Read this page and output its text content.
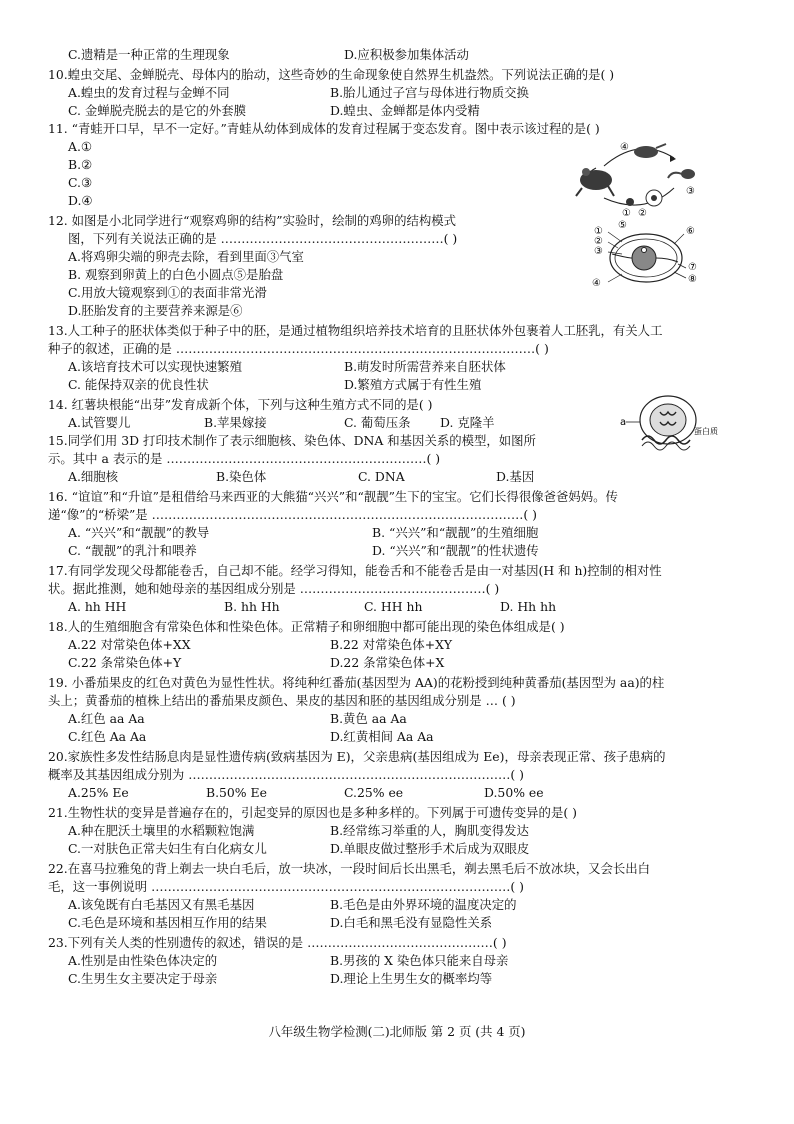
C.遗精是一种正常的生理现象	D.应积极参加集体活动
10.蝗虫交尾、金蝉脱壳、母体内的胎动，这些奇妙的生命现象使自然界生机盎然。下列说法正确的是( )
A.蝗虫的发育过程与金蝉不同	B.胎儿通过子宫与母体进行物质交换
C. 金蝉脱壳脱去的是它的外套膜	D.蝗虫、金蝉都是体内受精
11. “青蛙开口早，早不一定好。”青蛙从幼体到成体的发育过程属于变态发育。图中表示该过程的是( )
A.①
B.②
C.③
D.④
12. 如图是小北同学进行“观察鸡卵的结构”实验时，绘制的鸡卵的结构模式
图，下列有关说法正确的是 ………………………………………………( )
A.将鸡卵尖端的卵壳去除，看到里面③气室
B. 观察到卵黄上的白色小圆点⑤是胎盘
C.用放大镜观察到①的表面非常光滑
D.胚胎发育的主要营养来源是⑥
13.人工种子的胚状体类似于种子中的胚，是通过植物组织培养技术培育的且胚状体外包裹着人工胚乳，有关人工
种子的叙述，正确的是 ……………………………………………………………………………( )
A.该培育技术可以实现快速繁殖	B.萌发时所需营养来自胚状体
C. 能保持双亲的优良性状	D.繁殖方式属于有性生殖
14. 红薯块根能“出芽”发育成新个体，下列与这种生殖方式不同的是( )
A.试管婴儿	B.苹果嫁接	C. 葡萄压条 D. 克隆羊
15.同学们用 3D 打印技术制作了表示细胞核、染色体、DNA 和基因关系的模型，如图所
示。其中 a 表示的是 ………………………………………………………( )
A.细胞核	B.染色体	C. DNA	D.基因
16. “谊谊”和“升谊”是租借给马来西亚的大熊猫“兴兴”和“靓靓”生下的宝宝。它们长得很像爸爸妈妈。传
递“像”的“桥梁”是 ………………………………………………………………………………( )
A. “兴兴”和“靓靓”的教导	B. “兴兴”和“靓靓”的生殖细胞
C. “靓靓”的乳汁和喂养	D. “兴兴”和“靓靓”的性状遗传
17.有同学发现父母都能卷舌，自己却不能。经学习得知，能卷舌和不能卷舌是由一对基因(H 和 h)控制的相对性
状。据此推测，她和她母亲的基因组成分别是 ………………………………………( )
A. hh HH	B. hh Hh	C. HH hh	D. Hh hh
18.人的生殖细胞含有常染色体和性染色体。正常精子和卵细胞中都可能出现的染色体组成是( )
A.22 对常染色体+XX	B.22 对常染色体+XY
C.22 条常染色体+Y	D.22 条常染色体+X
19. 小番茄果皮的红色对黄色为显性性状。将纯种红番茄(基因型为 AA)的花粉授到纯种黄番茄(基因型为 aa)的柱
头上；黄番茄的植株上结出的番茄果皮颜色、果皮的基因和胚的基因组成分别是 … ( )
A.红色 aa Aa	B.黄色 aa Aa
C.红色 Aa Aa	D.红黄相间 Aa Aa
20.家族性多发性结肠息肉是显性遗传病(致病基因为 E)，父亲患病(基因组成为 Ee)，母亲表现正常、孩子患病的
概率及其基因组成分别为 ……………………………………………………………………( )
A.25% Ee	B.50% Ee	C.25% ee	D.50% ee
21.生物性状的变异是普遍存在的，引起变异的原因也是多种多样的。下列属于可遗传变异的是( )
A.种在肥沃土壤里的水稻颗粒饱满	B.经常练习举重的人，胸肌变得发达
C.一对肤色正常夫妇生有白化病女儿	D.单眼皮做过整形手术后成为双眼皮
22.在喜马拉雅兔的背上剃去一块白毛后，放一块冰，一段时间后长出黑毛，剃去黑毛后不放冰块，又会长出白
毛，这一事例说明 ……………………………………………………………………………( )
A.该兔既有白毛基因又有黑毛基因	B.毛色是由外界环境的温度决定的
C.毛色是环境和基因相互作用的结果	D.白毛和黑毛没有显隐性关系
23.下列有关人类的性别遗传的叙述，错误的是 ………………………………………( )
A.性别是由性染色体决定的	B.男孩的 X 染色体只能来自母亲
C.生男生女主要决定于母亲	D.理论上生男生女的概率均等
八年级生物学检测(二)北师版 第 2 页 (共 4 页)
④
③
②
①
①
②
③
④
⑤
⑥
⑦
⑧
a
蛋白质
